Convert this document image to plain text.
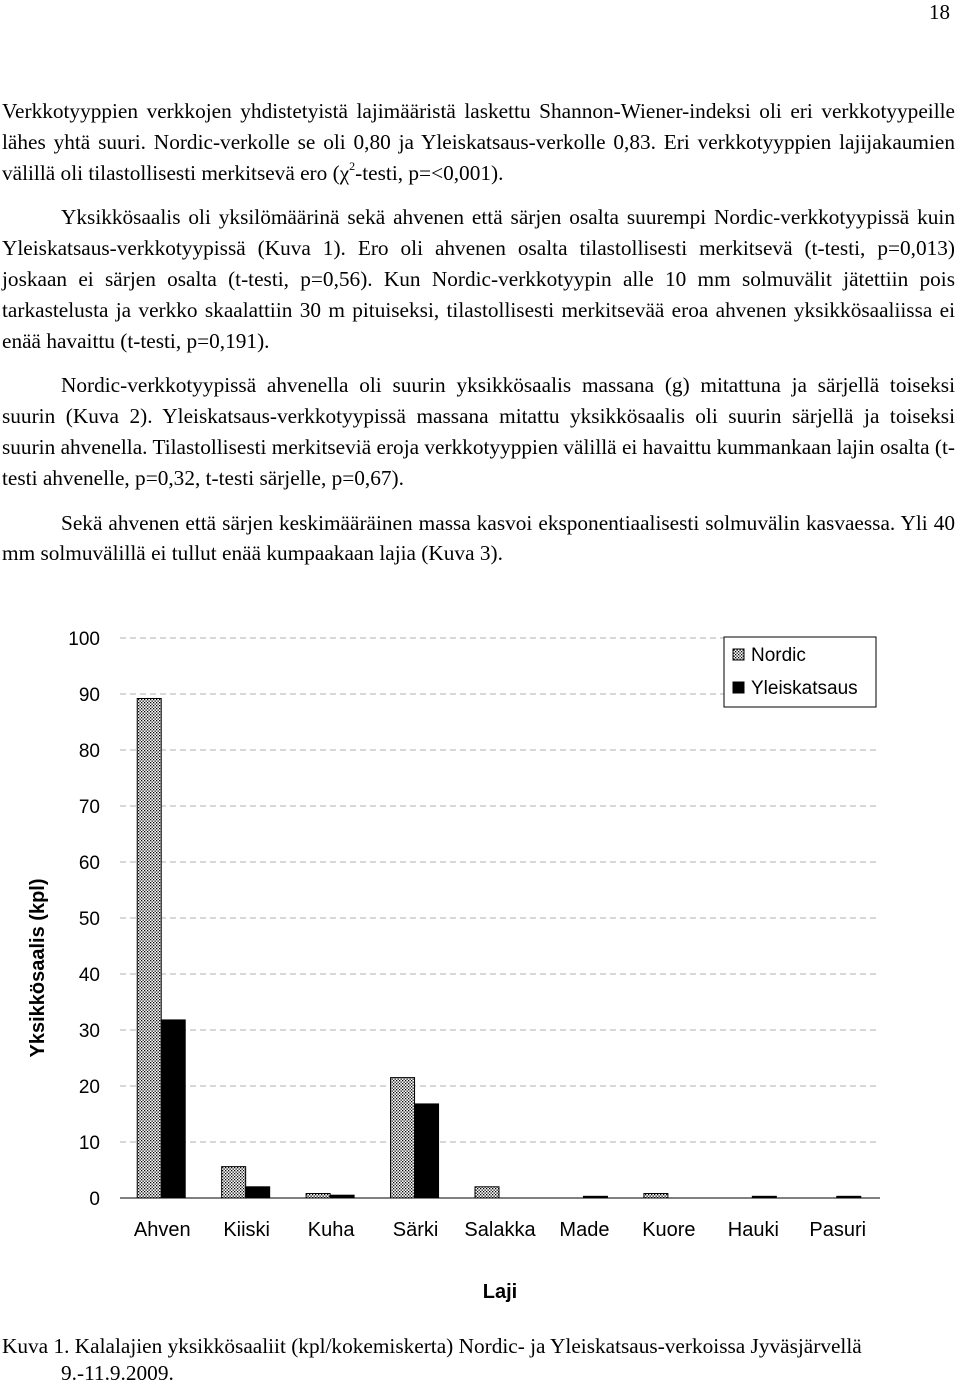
18

Verkkotyyppien verkkojen yhdistetyistä lajimääristä laskettu Shannon-Wiener-indeksi oli eri verkkotyypeille lähes yhtä suuri. Nordic-verkolle se oli 0,80 ja Yleiskatsaus-verkolle 0,83. Eri verkkotyyppien lajijakaumien välillä oli tilastollisesti merkitsevä ero ($\chi^2$-testi, p=<0,001).

Yksikkösaalis oli yksilömäärinä sekä ahvenen että särjen osalta suurempi Nordic-verkkotyypissä kuin Yleiskatsaus-verkkotyypissä (Kuva 1). Ero oli ahvenen osalta tilastollisesti merkitsevä (t-testi, p=0,013) joskaan ei särjen osalta (t-testi, p=0,56). Kun Nordic-verkkotyypin alle 10 mm solmuvälit jätettiin pois tarkastelusta ja verkko skaalattiin 30 m pituiseksi, tilastollisesti merkitsevää eroa ahvenen yksikkösaaliissa ei enää havaittu (t-testi, p=0,191).

Nordic-verkkotyypissä ahvenella oli suurin yksikkösaalis massana (g) mitattuna ja särjellä toiseksi suurin (Kuva 2). Yleiskatsaus-verkkotyypissä massana mitattu yksikkösaalis oli suurin särjellä ja toiseksi suurin ahvenella. Tilastollisesti merkitseviä eroja verkkotyyppien välillä ei havaittu kummankaan lajin osalta (t-testi ahvenelle, p=0,32, t-testi särjelle, p=0,67).

Sekä ahvenen että särjen keskimääräinen massa kasvoi eksponentiaalisesti solmuvälin kasvaessa. Yli 40 mm solmuvälillä ei tullut enää kumpaakaan lajia (Kuva 3).

0
10
20
30
40
50
60
70
80
90
100
Ahven Kiiski Kuha Särki Salakka Made Kuore Hauki Pasuri
Yksikkösaalis (kpl)
Laji
Nordic
Yleiskatsaus
Kuva 1. Kalalajien yksikkösaaliit (kpl/kokemiskerta) Nordic- ja Yleiskatsaus-verkoissa Jyväsjärvellä
9.-11.9.2009.
